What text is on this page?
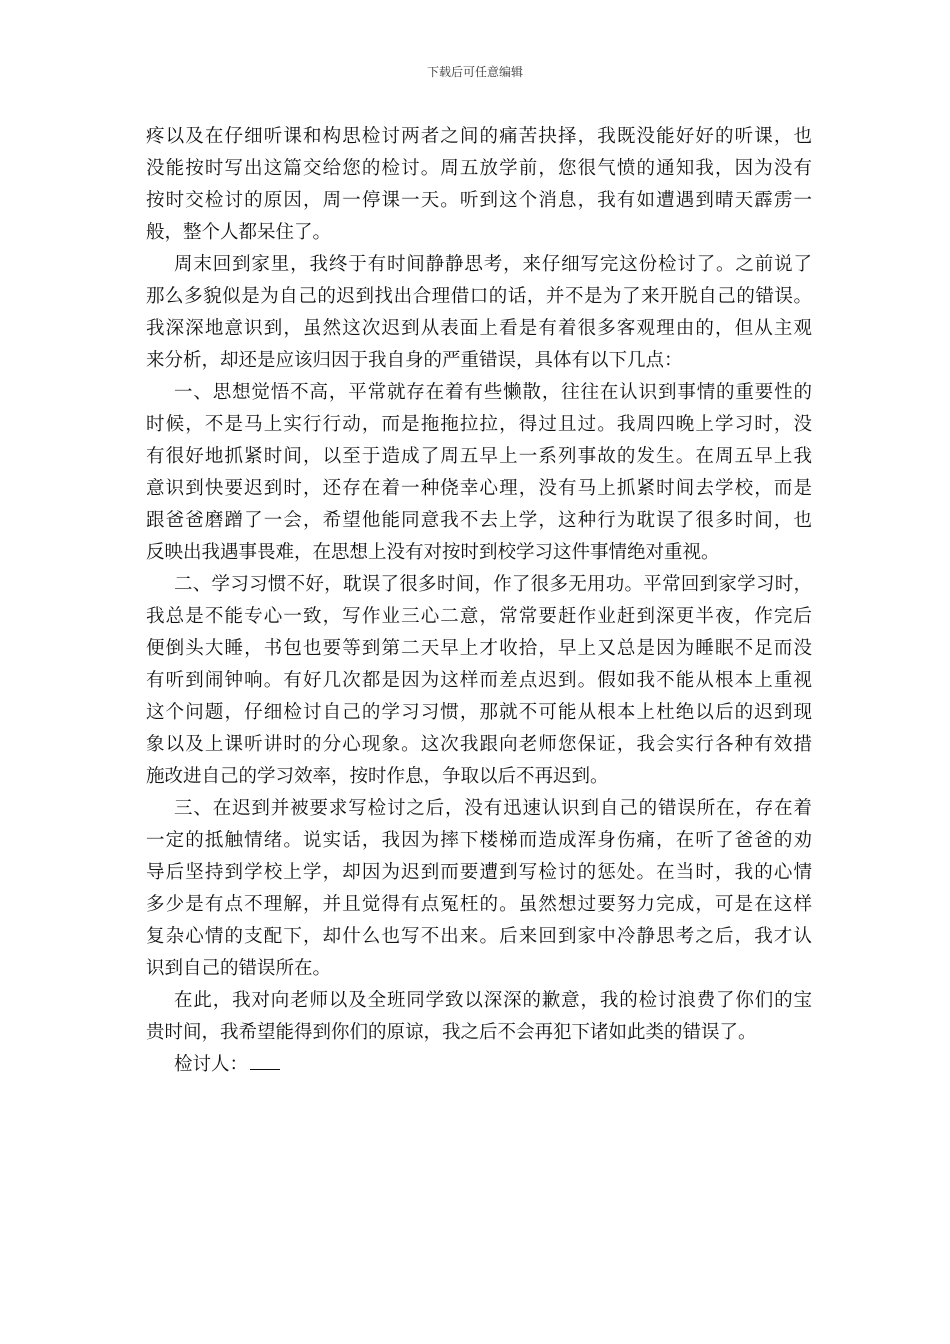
下载后可任意编辑
疼以及在仔细听课和构思检讨两者之间的痛苦抉择，我既没能好好的听课，也
没能按时写出这篇交给您的检讨。周五放学前，您很气愤的通知我，因为没有
按时交检讨的原因，周一停课一天。听到这个消息，我有如遭遇到晴天霹雳一
般，整个人都呆住了。
周末回到家里，我终于有时间静静思考，来仔细写完这份检讨了。之前说了
那么多貌似是为自己的迟到找出合理借口的话，并不是为了来开脱自己的错误。
我深深地意识到，虽然这次迟到从表面上看是有着很多客观理由的，但从主观
来分析，却还是应该归因于我自身的严重错误，具体有以下几点：
一、思想觉悟不高，平常就存在着有些懒散，往往在认识到事情的重要性的
时候，不是马上实行行动，而是拖拖拉拉，得过且过。我周四晚上学习时，没
有很好地抓紧时间，以至于造成了周五早上一系列事故的发生。在周五早上我
意识到快要迟到时，还存在着一种侥幸心理，没有马上抓紧时间去学校，而是
跟爸爸磨蹭了一会，希望他能同意我不去上学，这种行为耽误了很多时间，也
反映出我遇事畏难，在思想上没有对按时到校学习这件事情绝对重视。
二、学习习惯不好，耽误了很多时间，作了很多无用功。平常回到家学习时，
我总是不能专心一致，写作业三心二意，常常要赶作业赶到深更半夜，作完后
便倒头大睡，书包也要等到第二天早上才收拾，早上又总是因为睡眠不足而没
有听到闹钟响。有好几次都是因为这样而差点迟到。假如我不能从根本上重视
这个问题，仔细检讨自己的学习习惯，那就不可能从根本上杜绝以后的迟到现
象以及上课听讲时的分心现象。这次我跟向老师您保证，我会实行各种有效措
施改进自己的学习效率，按时作息，争取以后不再迟到。
三、在迟到并被要求写检讨之后，没有迅速认识到自己的错误所在，存在着
一定的抵触情绪。说实话，我因为摔下楼梯而造成浑身伤痛，在听了爸爸的劝
导后坚持到学校上学，却因为迟到而要遭到写检讨的惩处。在当时，我的心情
多少是有点不理解，并且觉得有点冤枉的。虽然想过要努力完成，可是在这样
复杂心情的支配下，却什么也写不出来。后来回到家中冷静思考之后，我才认
识到自己的错误所在。
在此，我对向老师以及全班同学致以深深的歉意，我的检讨浪费了你们的宝
贵时间，我希望能得到你们的原谅，我之后不会再犯下诸如此类的错误了。
检讨人：
